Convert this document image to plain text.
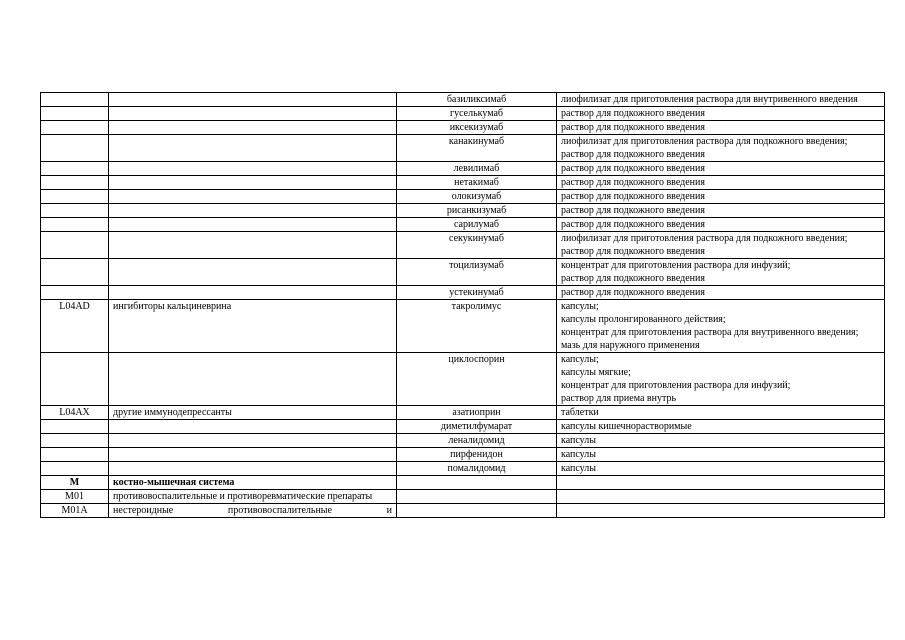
		базиликсимаб	лиофилизат для приготовления раствора для внутривенного введения

		гуселькумаб	раствор для подкожного введения

		иксекизумаб	раствор для подкожного введения

		канакинумаб	лиофилизат для приготовления раствора для подкожного введения;
раствор для подкожного введения

		левилимаб	раствор для подкожного введения

		нетакимаб	раствор для подкожного введения

		олокизумаб	раствор для подкожного введения

		рисанкизумаб	раствор для подкожного введения

		сарилумаб	раствор для подкожного введения

		секукинумаб	лиофилизат для приготовления раствора для подкожного введения;
раствор для подкожного введения

		тоцилизумаб	концентрат для приготовления раствора для инфузий;
раствор для подкожного введения

		устекинумаб	раствор для подкожного введения

L04AD	ингибиторы кальциневрина	такролимус	капсулы;
капсулы пролонгированного действия;
концентрат для приготовления раствора для внутривенного введения;
мазь для наружного применения

		циклоспорин	капсулы;
капсулы мягкие;
концентрат для приготовления раствора для инфузий;
раствор для приема внутрь

L04AX	другие иммунодепрессанты	азатиоприн	таблетки

		диметилфумарат	капсулы кишечнорастворимые

		леналидомид	капсулы

		пирфенидон	капсулы

		помалидомид	капсулы

M	костно-мышечная система		
M01	противовоспалительные и противоревматические препараты		
M01A	нестероидные противовоспалительные и		
